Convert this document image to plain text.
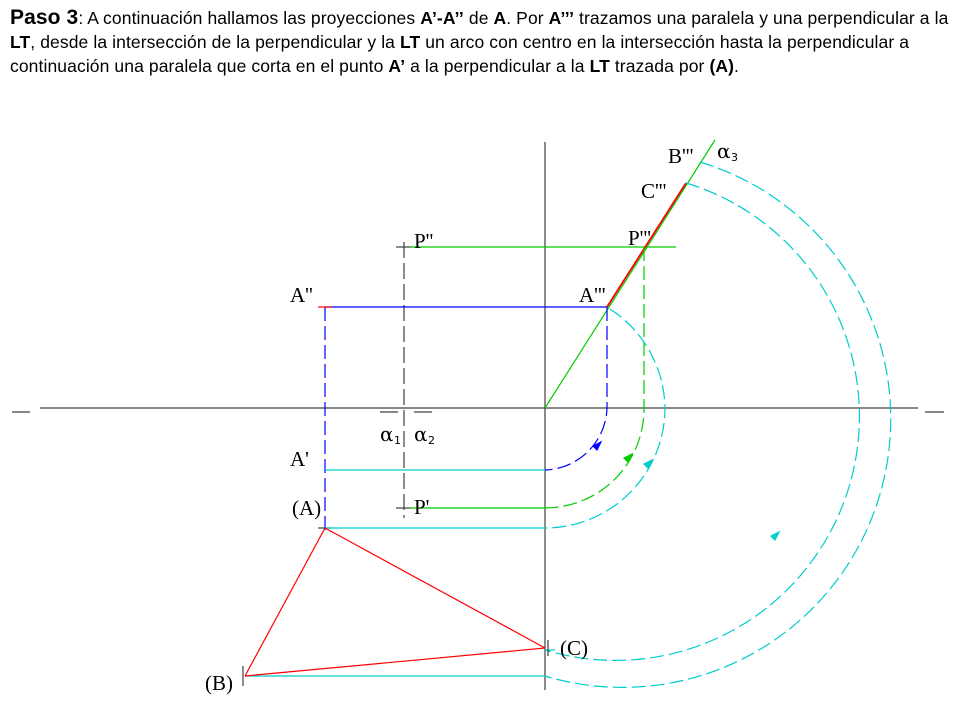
Paso 3: A continuación hallamos las proyecciones A’-A’’ de A. Por A’’’ trazamos una paralela y una perpendicular a la LT, desde la intersección de la perpendicular y la LT un arco con centro en la intersección hasta la perpendicular a continuación una paralela que corta en el punto A’ a la perpendicular a la LT trazada por (A).
A''
A'
(A)
(B)
(C)
P''
P'
A'''
P'''
B'''
C'''
α 1 α 2
α 3
